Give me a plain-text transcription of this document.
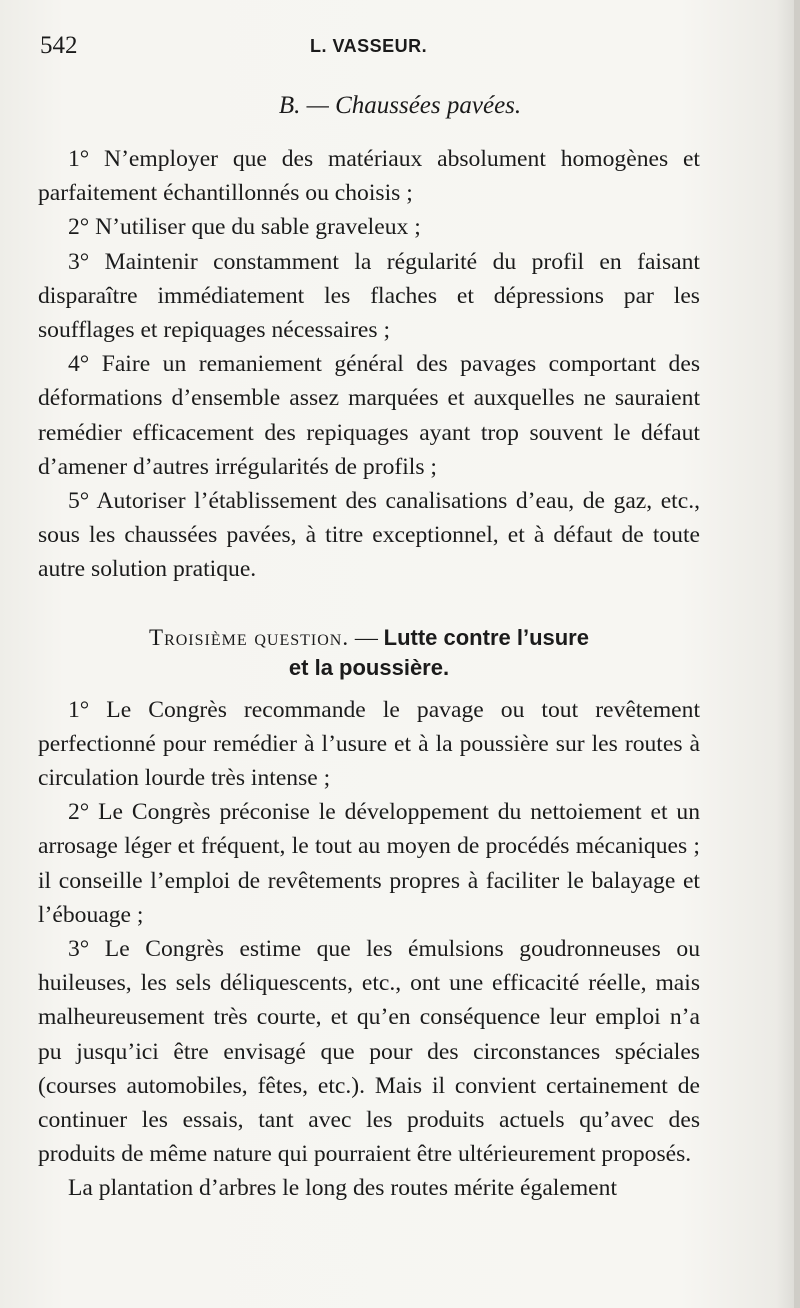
542	L. VASSEUR.
B. — Chaussées pavées.

1° N’employer que des matériaux absolument homogènes et parfaitement échantillonnés ou choisis ;

2° N’utiliser que du sable graveleux ;

3° Maintenir constamment la régularité du profil en faisant disparaître immédiatement les flaches et dépressions par les soufflages et repiquages nécessaires ;

4° Faire un remaniement général des pavages comportant des déformations d’ensemble assez marquées et auxquelles ne sauraient remédier efficacement des repiquages ayant trop souvent le défaut d’amener d’autres irrégularités de profils ;

5° Autoriser l’établissement des canalisations d’eau, de gaz, etc., sous les chaussées pavées, à titre exceptionnel, et à défaut de toute autre solution pratique.

Troisième question. — Lutte contre l’usure
et la poussière.

1° Le Congrès recommande le pavage ou tout revêtement perfectionné pour remédier à l’usure et à la poussière sur les routes à circulation lourde très intense ;

2° Le Congrès préconise le développement du nettoiement et un arrosage léger et fréquent, le tout au moyen de procédés mécaniques ; il conseille l’emploi de revêtements propres à faciliter le balayage et l’ébouage ;

3° Le Congrès estime que les émulsions goudronneuses ou huileuses, les sels déliquescents, etc., ont une efficacité réelle, mais malheureusement très courte, et qu’en conséquence leur emploi n’a pu jusqu’ici être envisagé que pour des circonstances spéciales (courses automobiles, fêtes, etc.). Mais il convient certainement de continuer les essais, tant avec les produits actuels qu’avec des produits de même nature qui pourraient être ultérieurement proposés.

La plantation d’arbres le long des routes mérite également
